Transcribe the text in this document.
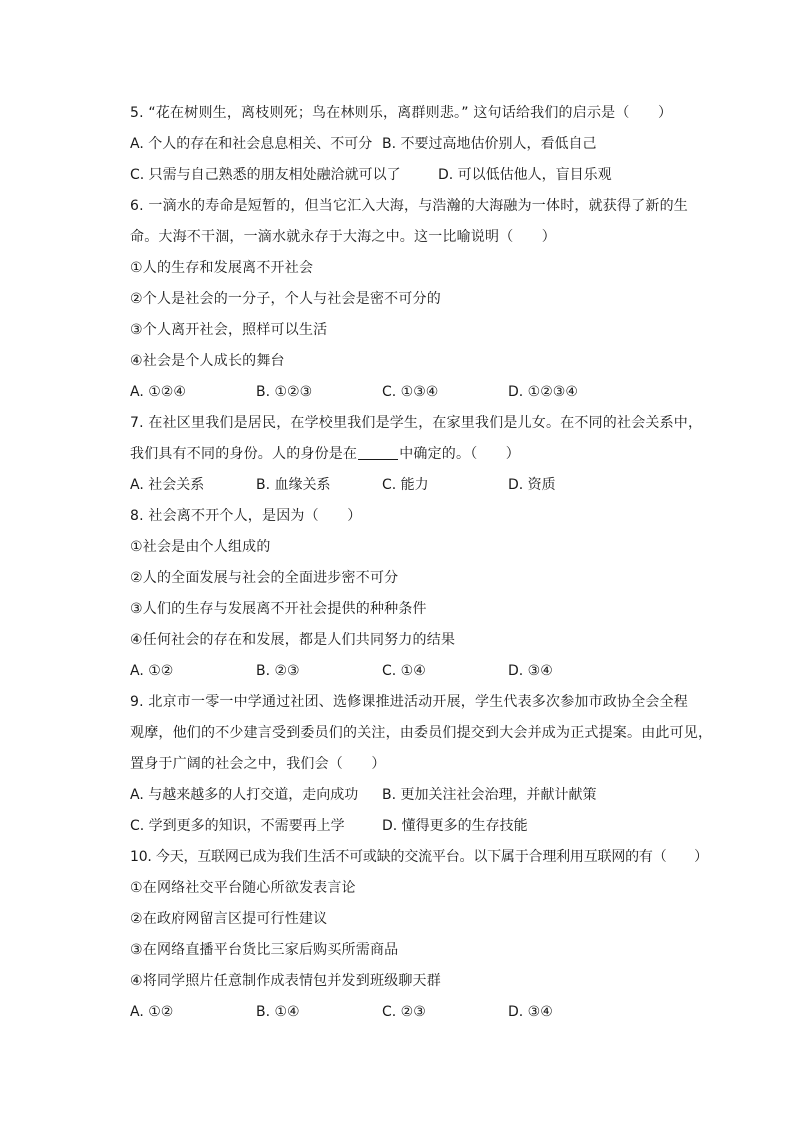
5. “花在树则生，离枝则死；鸟在林则乐，离群则悲。” 这句话给我们的启示是（　　）
A. 个人的存在和社会息息相关、不可分 B. 不要过高地估价别人，看低自己
C. 只需与自己熟悉的朋友相处融洽就可以了	D. 可以低估他人，盲目乐观
6. 一滴水的寿命是短暂的，但当它汇入大海，与浩瀚的大海融为一体时，就获得了新的生
命。大海不干涸，一滴水就永存于大海之中。这一比喻说明（　　）
①人的生存和发展离不开社会
②个人是社会的一分子，个人与社会是密不可分的
③个人离开社会，照样可以生活
④社会是个人成长的舞台
A. ①②④	B. ①②③	C. ①③④	D. ①②③④
7. 在社区里我们是居民，在学校里我们是学生，在家里我们是儿女。在不同的社会关系中，
我们具有不同的身份。人的身份是在	中确定的。（　　）
A. 社会关系	B. 血缘关系	C. 能力	D. 资质
8. 社会离不开个人，是因为（　　）
①社会是由个人组成的
②人的全面发展与社会的全面进步密不可分
③人们的生存与发展离不开社会提供的种种条件
④任何社会的存在和发展，都是人们共同努力的结果
A. ①②	B. ②③	C. ①④	D. ③④
9. 北京市一零一中学通过社团、选修课推进活动开展，学生代表多次参加市政协全会全程
观摩，他们的不少建言受到委员们的关注，由委员们提交到大会并成为正式提案。由此可见，
置身于广阔的社会之中，我们会（　　）
A. 与越来越多的人打交道，走向成功 B. 更加关注社会治理，并献计献策
C. 学到更多的知识，不需要再上学	D. 懂得更多的生存技能
10. 今天，互联网已成为我们生活不可或缺的交流平台。以下属于合理利用互联网的有（　　）
①在网络社交平台随心所欲发表言论
②在政府网留言区提可行性建议
③在网络直播平台货比三家后购买所需商品
④将同学照片任意制作成表情包并发到班级聊天群
A. ①②	B. ①④	C. ②③	D. ③④
